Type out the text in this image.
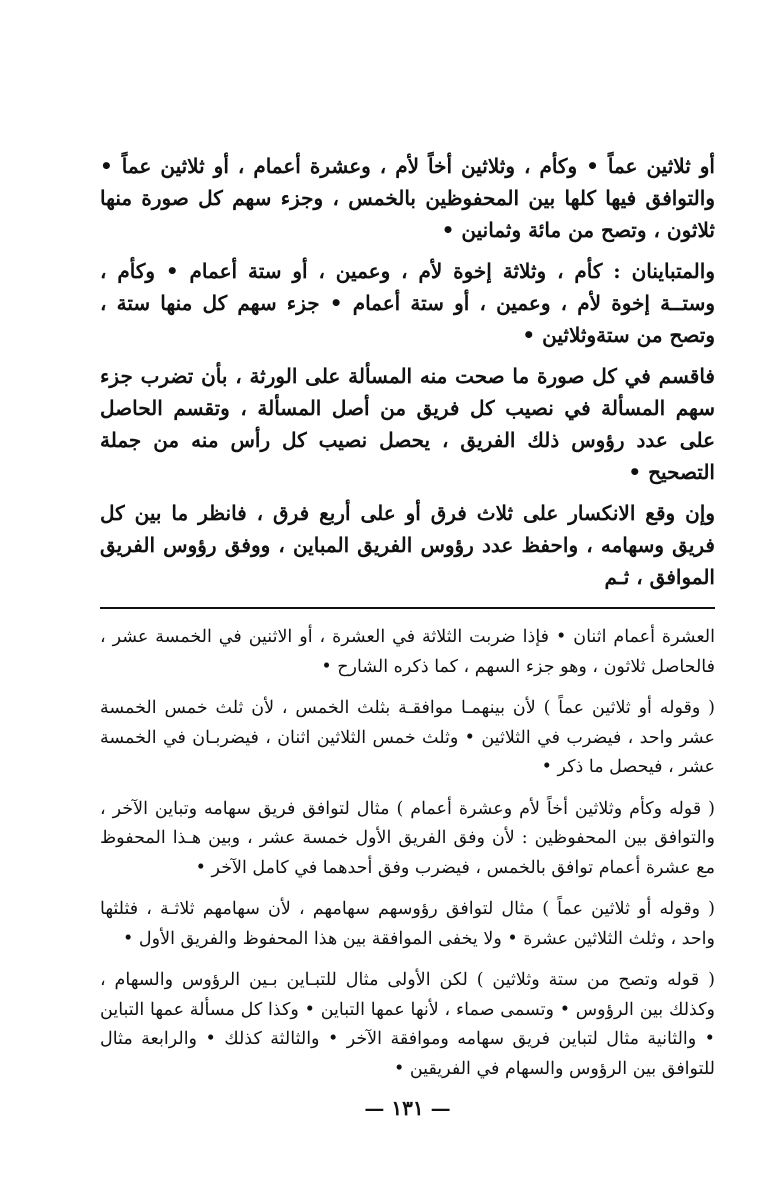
أو ثلاثين عماً • وكأم ، وثلاثين أخاً لأم ، وعشرة أعمام ، أو ثلاثين عماً • والتوافق فيها كلها بين المحفوظين بالخمس ، وجزء سهم كل صورة منها ثلاثون ، وتصح من مائة وثمانين •

والمتباينان : كأم ، وثلاثة إخوة لأم ، وعمين ، أو ستة أعمام • وكأم ، وستــة إخوة لأم ، وعمين ، أو ستة أعمام • جزء سهم كل منها ستة ، وتصح من ستةوثلاثين •

فاقسم في كل صورة ما صحت منه المسألة على الورثة ، بأن تضرب جزء سهم المسألة في نصيب كل فريق من أصل المسألة ، وتقسم الحاصل على عدد رؤوس ذلك الفريق ، يحصل نصيب كل رأس منه من جملة التصحيح •

وإن وقع الانكسار على ثلاث فرق أو على أربع فرق ، فانظر ما بين كل فريق وسهامه ، واحفظ عدد رؤوس الفريق المباين ، ووفق رؤوس الفريق الموافق ، ثـم

العشرة أعمام اثنان • فإذا ضربت الثلاثة في العشرة ، أو الاثنين في الخمسة عشر ، فالحاصل ثلاثون ، وهو جزء السهم ، كما ذكره الشارح •

( وقوله أو ثلاثين عماً ) لأن بينهمـا موافقـة بثلث الخمس ، لأن ثلث خمس الخمسة عشر واحد ، فيضرب في الثلاثين • وثلث خمس الثلاثين اثنان ، فيضربـان في الخمسة عشر ، فيحصل ما ذكر •

( قوله وكأم وثلاثين أخاً لأم وعشرة أعمام ) مثال لتوافق فريق سهامه وتباين الآخر ، والتوافق بين المحفوظين : لأن وفق الفريق الأول خمسة عشر ، وبين هـذا المحفوظ مع عشرة أعمام توافق بالخمس ، فيضرب وفق أحدهما في كامل الآخر •

( وقوله أو ثلاثين عماً ) مثال لتوافق رؤوسهم سهامهم ، لأن سهامهم ثلاثـة ، فثلثها واحد ، وثلث الثلاثين عشرة • ولا يخفى الموافقة بين هذا المحفوظ والفريق الأول •

( قوله وتصح من ستة وثلاثين ) لكن الأولى مثال للتبـاين بـين الرؤوس والسهام ، وكذلك بين الرؤوس • وتسمى صماء ، لأنها عمها التباين • وكذا كل مسألة عمها التباين • والثانية مثال لتباين فريق سهامه وموافقة الآخر • والثالثة كذلك • والرابعة مثال للتوافق بين الرؤوس والسهام في الفريقين •

— ١٣١ —
